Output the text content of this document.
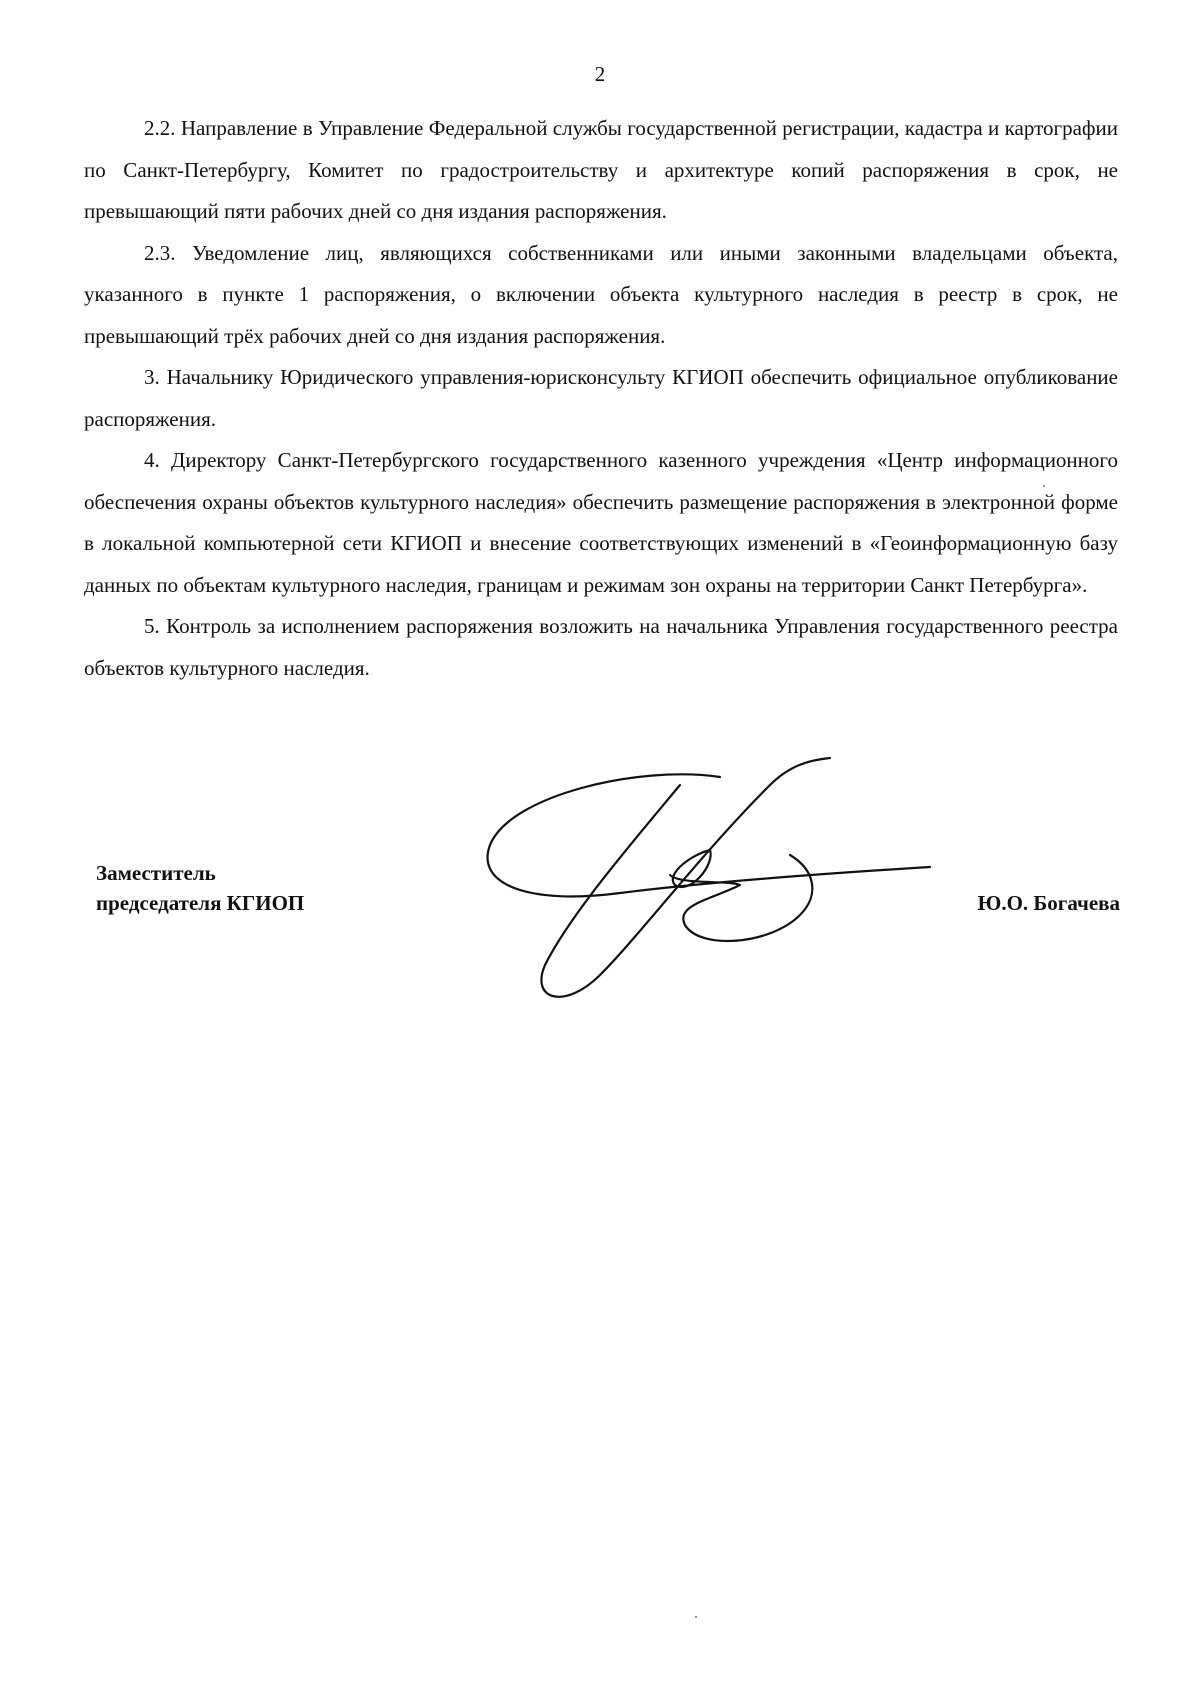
2

2.2. Направление в Управление Федеральной службы государственной регистрации, кадастра и картографии по Санкт-Петербургу, Комитет по градостроительству и архитектуре копий распоряжения в срок, не превышающий пяти рабочих дней со дня издания распоряжения.

2.3. Уведомление лиц, являющихся собственниками или иными законными владельцами объекта, указанного в пункте 1 распоряжения, о включении объекта культурного наследия в реестр в срок, не превышающий трёх рабочих дней со дня издания распоряжения.

3. Начальнику Юридического управления-юрисконсульту КГИОП обеспечить официальное опубликование распоряжения.

4. Директору Санкт-Петербургского государственного казенного учреждения «Центр информационного обеспечения охраны объектов культурного наследия» обеспечить размещение распоряжения в электронной форме в локальной компьютерной сети КГИОП и внесение соответствующих изменений в «Геоинформационную базу данных по объектам культурного наследия, границам и режимам зон охраны на территории Санкт Петербурга».

5. Контроль за исполнением распоряжения возложить на начальника Управления государственного реестра объектов культурного наследия.

Заместитель
председателя КГИОП	Ю.О. Богачева
